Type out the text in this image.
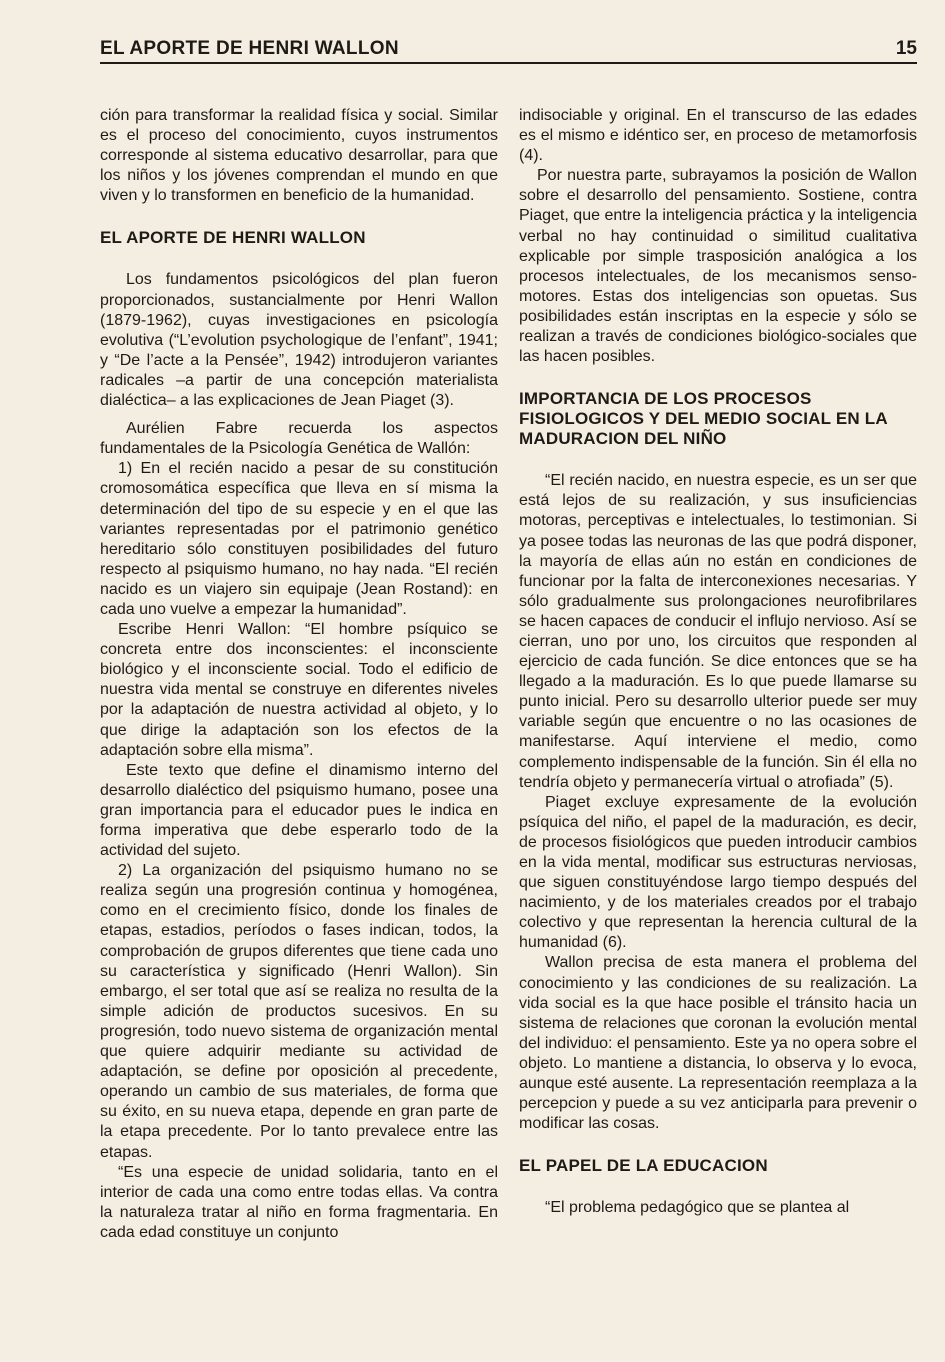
EL APORTE DE HENRI WALLON	15

ción para transformar la realidad física y social. Similar es el proceso del conocimiento, cuyos instrumentos corresponde al sistema educativo desarrollar, para que los niños y los jóvenes comprendan el mundo en que viven y lo transformen en beneficio de la humanidad.

EL APORTE DE HENRI WALLON

Los fundamentos psicológicos del plan fueron proporcionados, sustancialmente por Henri Wallon (1879-1962), cuyas investigaciones en psicología evolutiva (“L’evolution psychologique de l’enfant”, 1941; y “De l’acte a la Pensée”, 1942) introdujeron variantes radicales –a partir de una concepción materialista dialéctica– a las explicaciones de Jean Piaget (3).

Aurélien Fabre recuerda los aspectos fundamentales de la Psicología Genética de Wallón:

1) En el recién nacido a pesar de su constitución cromosomática específica que lleva en sí misma la determinación del tipo de su especie y en el que las variantes representadas por el patrimonio genético hereditario sólo constituyen posibilidades del futuro respecto al psiquismo humano, no hay nada. “El recién nacido es un viajero sin equipaje (Jean Rostand): en cada uno vuelve a empezar la humanidad”.

Escribe Henri Wallon: “El hombre psíquico se concreta entre dos inconscientes: el inconsciente biológico y el inconsciente social. Todo el edificio de nuestra vida mental se construye en diferentes niveles por la adaptación de nuestra actividad al objeto, y lo que dirige la adaptación son los efectos de la adaptación sobre ella misma”.

Este texto que define el dinamismo interno del desarrollo dialéctico del psiquismo humano, posee una gran importancia para el educador pues le indica en forma imperativa que debe esperarlo todo de la actividad del sujeto.

2) La organización del psiquismo humano no se realiza según una progresión continua y homogénea, como en el crecimiento físico, donde los finales de etapas, estadios, períodos o fases indican, todos, la comprobación de grupos diferentes que tiene cada uno su característica y significado (Henri Wallon). Sin embargo, el ser total que así se realiza no resulta de la simple adición de productos sucesivos. En su progresión, todo nuevo sistema de organización mental que quiere adquirir mediante su actividad de adaptación, se define por oposición al precedente, operando un cambio de sus materiales, de forma que su éxito, en su nueva etapa, depende en gran parte de la etapa precedente. Por lo tanto prevalece entre las etapas.

“Es una especie de unidad solidaria, tanto en el interior de cada una como entre todas ellas. Va contra la naturaleza tratar al niño en forma fragmentaria. En cada edad constituye un conjunto

indisociable y original. En el transcurso de las edades es el mismo e idéntico ser, en proceso de metamorfosis (4).

Por nuestra parte, subrayamos la posición de Wallon sobre el desarrollo del pensamiento. Sostiene, contra Piaget, que entre la inteligencia práctica y la inteligencia verbal no hay continuidad o similitud cualitativa explicable por simple trasposición analógica a los procesos intelectuales, de los mecanismos senso-motores. Estas dos inteligencias son opuetas. Sus posibilidades están inscriptas en la especie y sólo se realizan a través de condiciones biológico-sociales que las hacen posibles.

IMPORTANCIA DE LOS PROCESOS FISIOLOGICOS Y DEL MEDIO SOCIAL EN LA MADURACION DEL NIÑO

“El recién nacido, en nuestra especie, es un ser que está lejos de su realización, y sus insuficiencias motoras, perceptivas e intelectuales, lo testimonian. Si ya posee todas las neuronas de las que podrá disponer, la mayoría de ellas aún no están en condiciones de funcionar por la falta de interconexiones necesarias. Y sólo gradualmente sus prolongaciones neurofibrilares se hacen capaces de conducir el influjo nervioso. Así se cierran, uno por uno, los circuitos que responden al ejercicio de cada función. Se dice entonces que se ha llegado a la maduración. Es lo que puede llamarse su punto inicial. Pero su desarrollo ulterior puede ser muy variable según que encuentre o no las ocasiones de manifestarse. Aquí interviene el medio, como complemento indispensable de la función. Sin él ella no tendría objeto y permanecería virtual o atrofiada” (5).

Piaget excluye expresamente de la evolución psíquica del niño, el papel de la maduración, es decir, de procesos fisiológicos que pueden introducir cambios en la vida mental, modificar sus estructuras nerviosas, que siguen constituyéndose largo tiempo después del nacimiento, y de los materiales creados por el trabajo colectivo y que representan la herencia cultural de la humanidad (6).

Wallon precisa de esta manera el problema del conocimiento y las condiciones de su realización. La vida social es la que hace posible el tránsito hacia un sistema de relaciones que coronan la evolución mental del individuo: el pensamiento. Este ya no opera sobre el objeto. Lo mantiene a distancia, lo observa y lo evoca, aunque esté ausente. La representación reemplaza a la percepcion y puede a su vez anticiparla para prevenir o modificar las cosas.

EL PAPEL DE LA EDUCACION

“El problema pedagógico que se plantea al
